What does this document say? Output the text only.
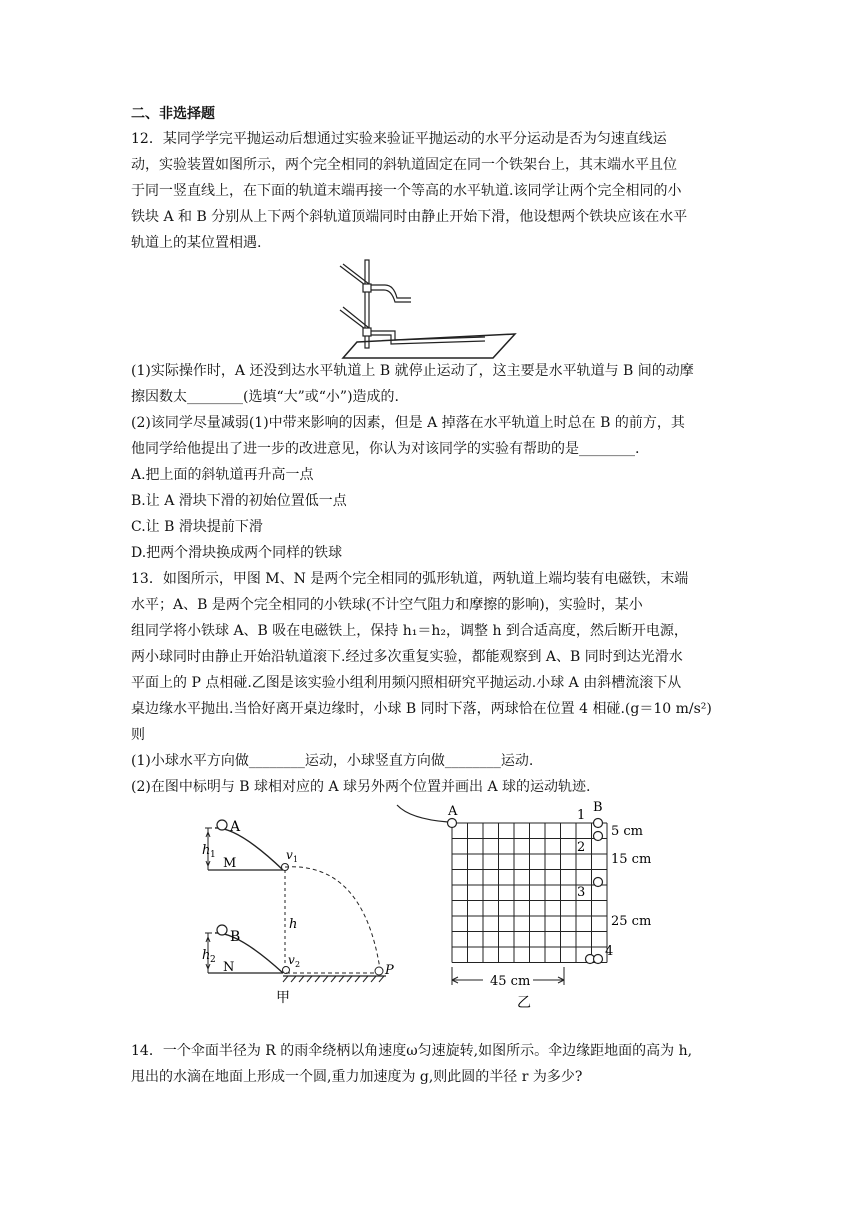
二、非选择题
12．某同学学完平抛运动后想通过实验来验证平抛运动的水平分运动是否为匀速直线运
动，实验装置如图所示，两个完全相同的斜轨道固定在同一个铁架台上，其末端水平且位
于同一竖直线上，在下面的轨道末端再接一个等高的水平轨道.该同学让两个完全相同的小
铁块 A 和 B 分别从上下两个斜轨道顶端同时由静止开始下滑，他设想两个铁块应该在水平
轨道上的某位置相遇.
(1)实际操作时，A 还没到达水平轨道上 B 就停止运动了，这主要是水平轨道与 B 间的动摩
擦因数太________(选填“大”或“小”)造成的.
(2)该同学尽量减弱(1)中带来影响的因素，但是 A 掉落在水平轨道上时总在 B 的前方，其
他同学给他提出了进一步的改进意见，你认为对该同学的实验有帮助的是________.
A.把上面的斜轨道再升高一点
B.让 A 滑块下滑的初始位置低一点
C.让 B 滑块提前下滑
D.把两个滑块换成两个同样的铁球
13．如图所示，甲图 M、N 是两个完全相同的弧形轨道，两轨道上端均装有电磁铁，末端
水平；A、B 是两个完全相同的小铁球(不计空气阻力和摩擦的影响)，实验时，某小
组同学将小铁球 A、B 吸在电磁铁上，保持 h₁＝h₂，调整 h 到合适高度，然后断开电源，
两小球同时由静止开始沿轨道滚下.经过多次重复实验，都能观察到 A、B 同时到达光滑水
平面上的 P 点相碰.乙图是该实验小组利用频闪照相研究平抛运动.小球 A 由斜槽流滚下从
桌边缘水平抛出.当恰好离开桌边缘时，小球 B 同时下落，两球恰在位置 4 相碰.(g＝10 m/s²)
则
(1)小球水平方向做________运动，小球竖直方向做________运动.
(2)在图中标明与 B 球相对应的 A 球另外两个位置并画出 A 球的运动轨迹.
A
h 1
M
v 1
h
B
h 2 N	v 2	P
甲
A	B
1
2
3
4
5 cm
15 cm
25 cm
45 cm
乙
14．一个伞面半径为 R 的雨伞绕柄以角速度ω匀速旋转,如图所示。伞边缘距地面的高为 h,
甩出的水滴在地面上形成一个圆,重力加速度为 g,则此圆的半径 r 为多少?
